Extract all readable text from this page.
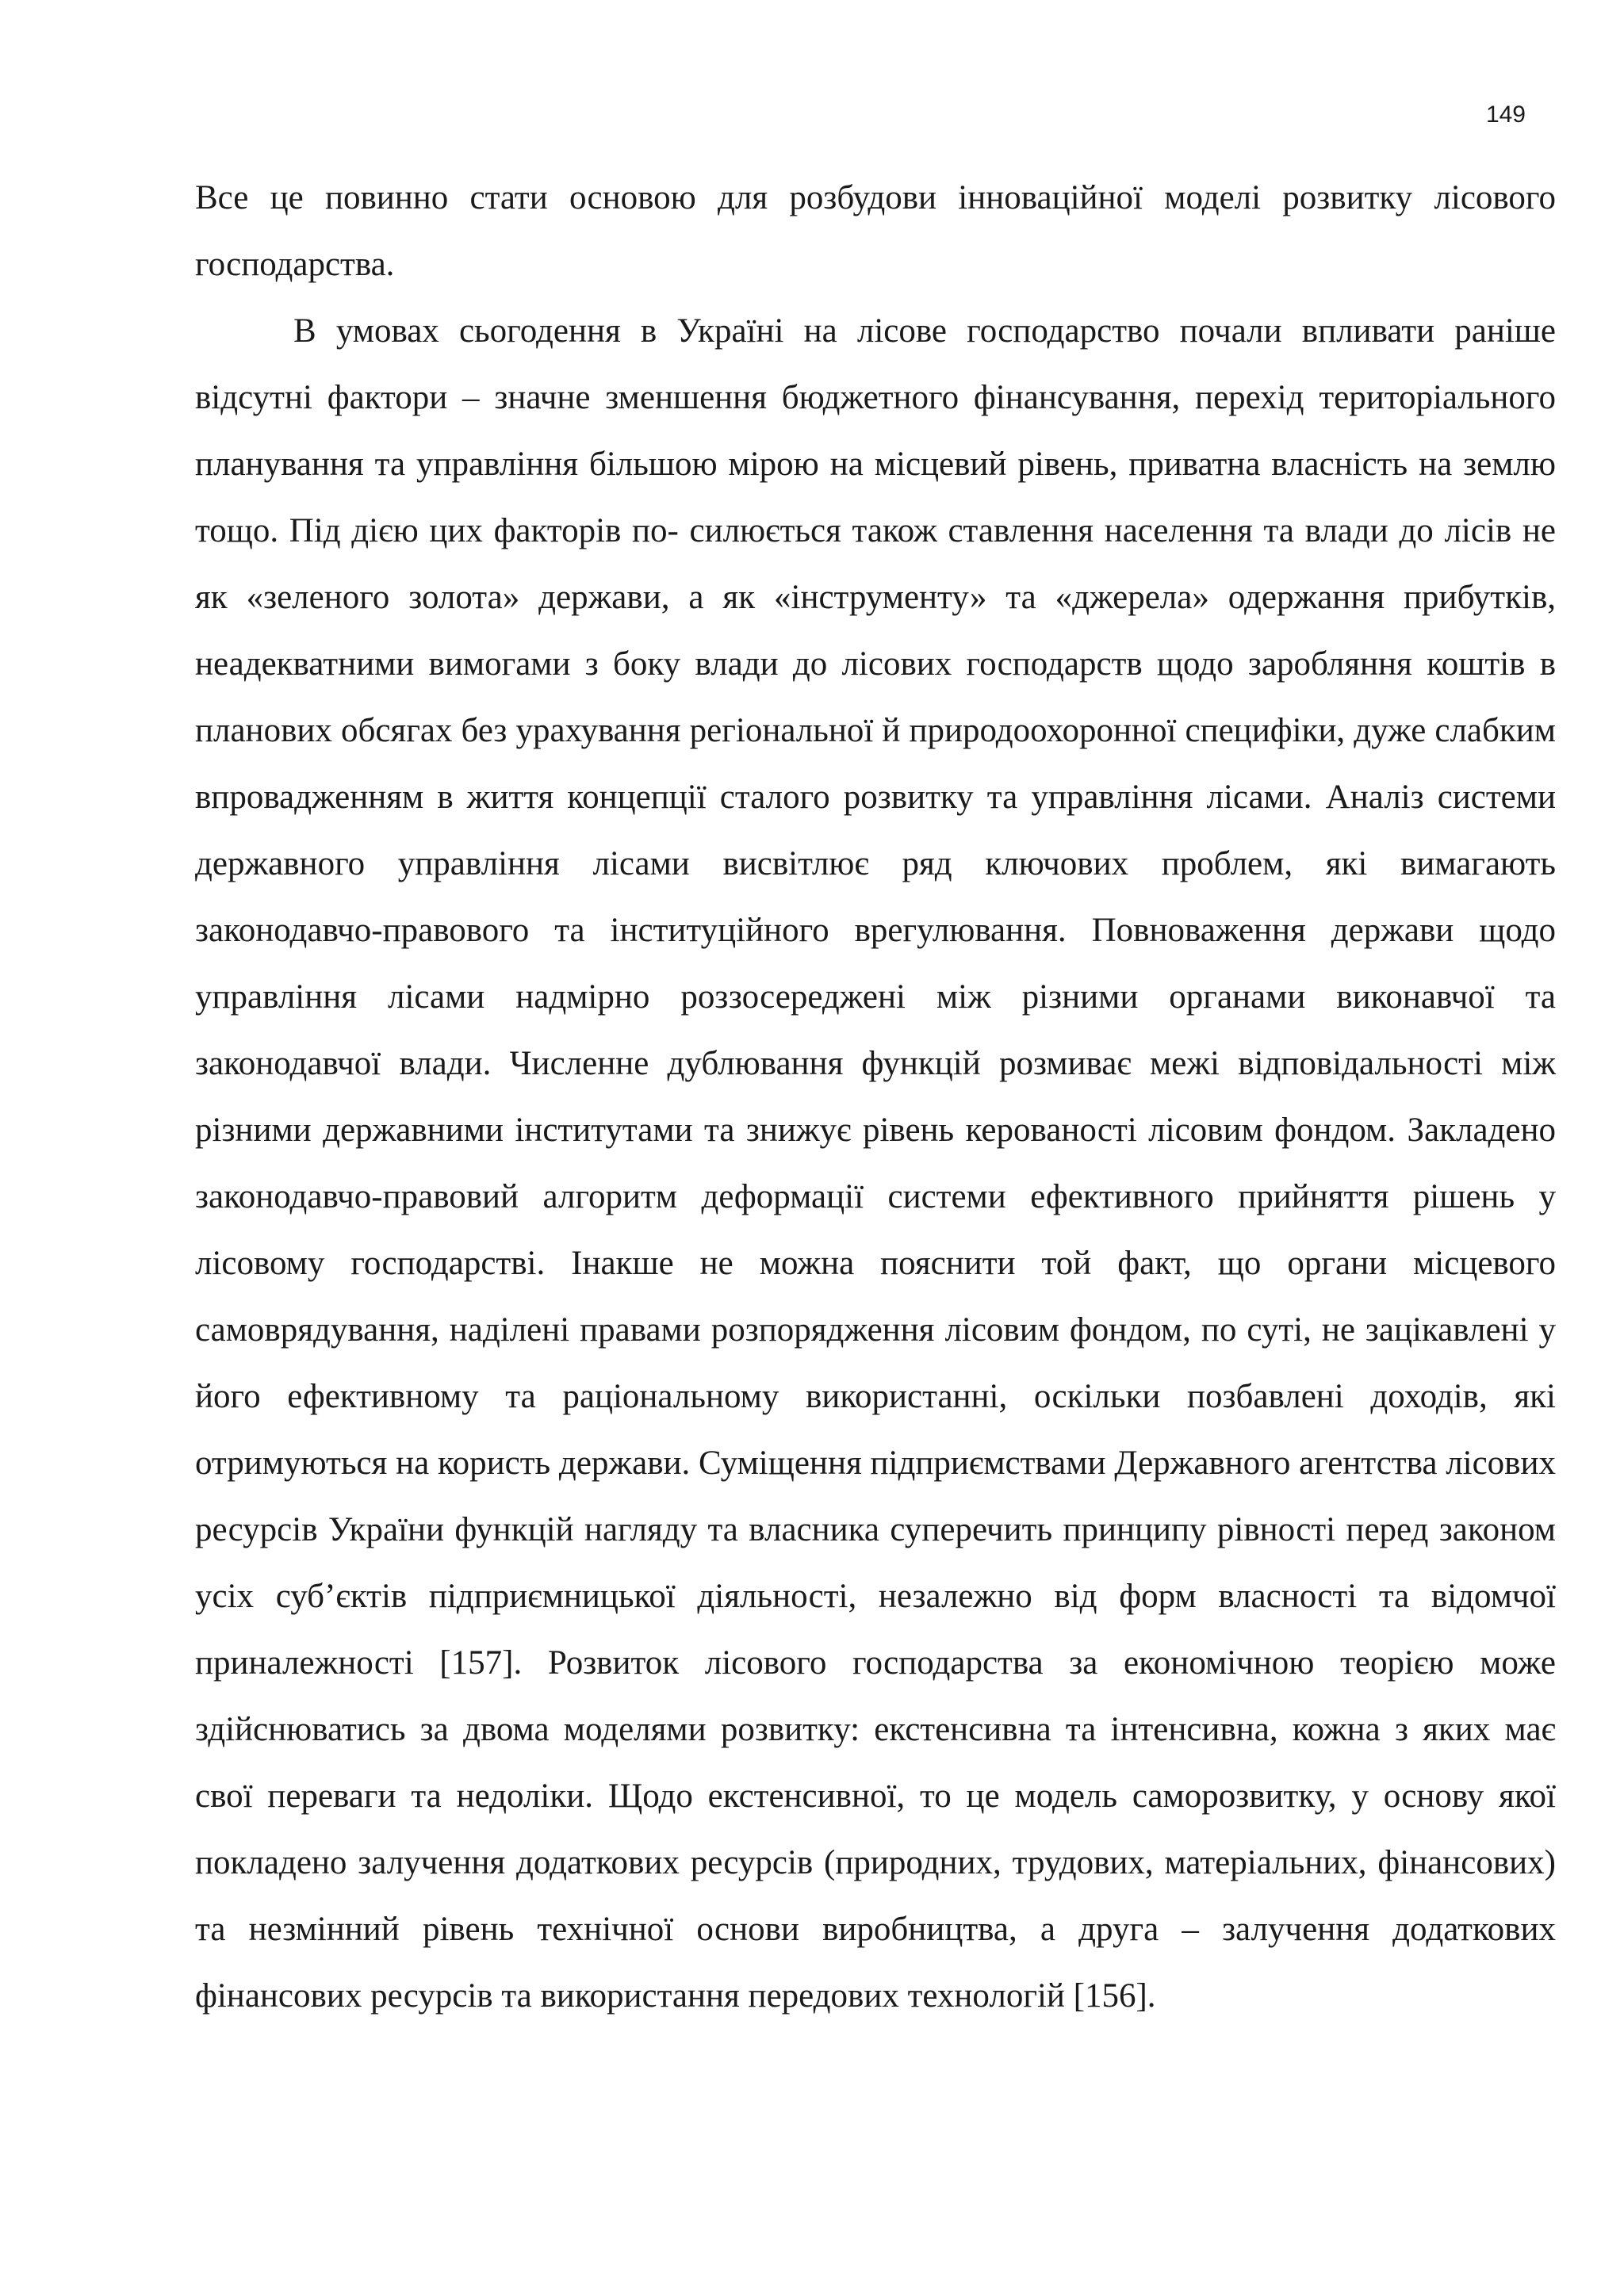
149

Все це повинно стати основою для розбудови інноваційної моделі розвитку лісового господарства.

В умовах сьогодення в Україні на лісове господарство почали впливати раніше відсутні фактори – значне зменшення бюджетного фінансування, перехід територіального планування та управління більшою мірою на місцевий рівень, приватна власність на землю тощо. Під дією цих факторів по- силюється також ставлення населення та влади до лісів не як «зеленого золота» держави, а як «інструменту» та «джерела» одержання прибутків, неадекватними вимогами з боку влади до лісових господарств щодо заробляння коштів в планових обсягах без урахування регіональної й природоохоронної специфіки, дуже слабким впровадженням в життя концепції сталого розвитку та управління лісами. Аналіз системи державного управління лісами висвітлює ряд ключових проблем, які вимагають законодавчо-правового та інституційного врегулювання. Повноваження держави щодо управління лісами надмірно роззосереджені між різними органами виконавчої та законодавчої влади. Численне дублювання функцій розмиває межі відповідальності між різними державними інститутами та знижує рівень керованості лісовим фондом. Закладено законодавчо-правовий алгоритм деформації системи ефективного прийняття рішень у лісовому господарстві. Інакше не можна пояснити той факт, що органи місцевого самоврядування, наділені правами розпорядження лісовим фондом, по суті, не зацікавлені у його ефективному та раціональному використанні, оскільки позбавлені доходів, які отримуються на користь держави. Суміщення підприємствами Державного агентства лісових ресурсів України функцій нагляду та власника суперечить принципу рівності перед законом усіх суб’єктів підприємницької діяльності, незалежно від форм власності та відомчої приналежності [157]. Розвиток лісового господарства за економічною теорією може здійснюватись за двома моделями розвитку: екстенсивна та інтенсивна, кожна з яких має свої переваги та недоліки. Щодо екстенсивної, то це модель саморозвитку, у основу якої покладено залучення додаткових ресурсів (природних, трудових, матеріальних, фінансових) та незмінний рівень технічної основи виробництва, а друга – залучення додаткових фінансових ресурсів та використання передових технологій [156].
